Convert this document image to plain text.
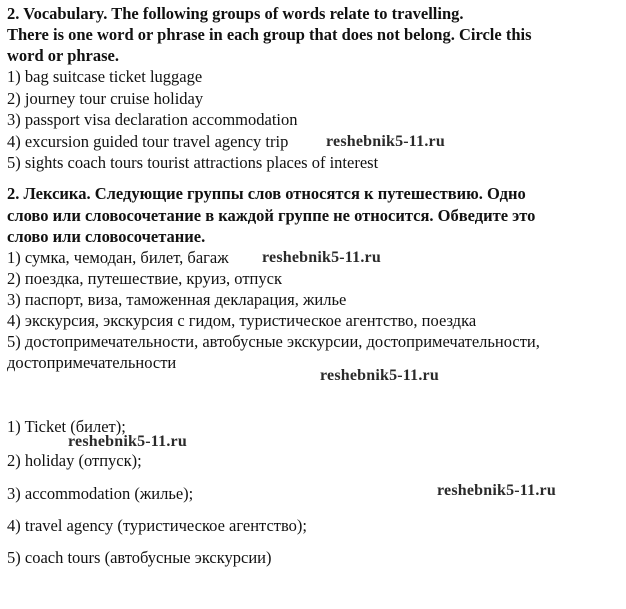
2. Vocabulary. The following groups of words relate to travelling.
There is one word or phrase in each group that does not belong. Circle this
word or phrase.
1) bag suitcase ticket luggage
2) journey tour cruise holiday
3) passport visa declaration accommodation
4) excursion guided tour travel agency trip
5) sights coach tours tourist attractions places of interest
2. Лексика. Следующие группы слов относятся к путешествию. Одно
слово или словосочетание в каждой группе не относится. Обведите это
слово или словосочетание.
1) сумка, чемодан, билет, багаж
2) поездка, путешествие, круиз, отпуск
3) паспорт, виза, таможенная декларация, жилье
4) экскурсия, экскурсия с гидом, туристическое агентство, поездка
5) достопримечательности, автобусные экскурсии, достопримечательности,
достопримечательности
1) Ticket (билет);
2) holiday (отпуск);
3) accommodation (жилье);
4) travel agency (туристическое агентство);
5) coach tours (автобусные экскурсии)
reshebnik5-11.ru
reshebnik5-11.ru
reshebnik5-11.ru
reshebnik5-11.ru
reshebnik5-11.ru
